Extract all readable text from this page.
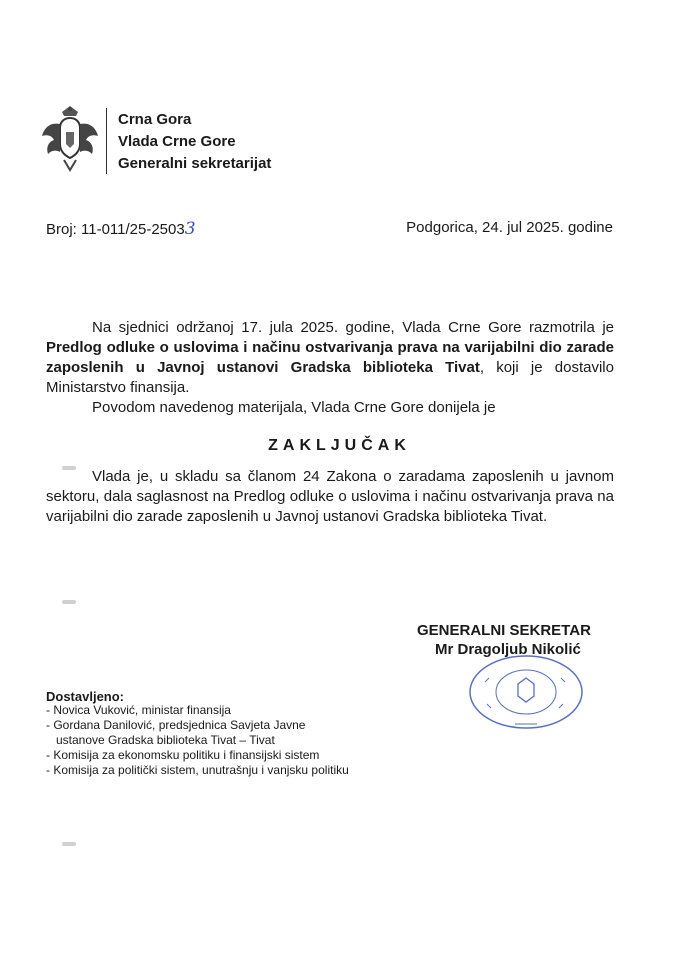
Crna Gora
Vlada Crne Gore
Generalni sekretarijat
Broj: 11-011/25-25033	Podgorica, 24. jul 2025. godine
Na sjednici održanoj 17. jula 2025. godine, Vlada Crne Gore razmotrila je Predlog odluke o uslovima i načinu ostvarivanja prava na varijabilni dio zarade zaposlenih u Javnoj ustanovi Gradska biblioteka Tivat, koji je dostavilo Ministarstvo finansija.
Povodom navedenog materijala, Vlada Crne Gore donijela je
ZAKLJUČAK
Vlada je, u skladu sa članom 24 Zakona o zaradama zaposlenih u javnom sektoru, dala saglasnost na Predlog odluke o uslovima i načinu ostvarivanja prava na varijabilni dio zarade zaposlenih u Javnoj ustanovi Gradska biblioteka Tivat.
GENERALNI SEKRETAR
Mr Dragoljub Nikolić
Dostavljeno:
- Novica Vuković, ministar finansija
- Gordana Danilović, predsjednica Savjeta Javne
ustanove Gradska biblioteka Tivat – Tivat
- Komisija za ekonomsku politiku i finansijski sistem
- Komisija za politički sistem, unutrašnju i vanjsku politiku
